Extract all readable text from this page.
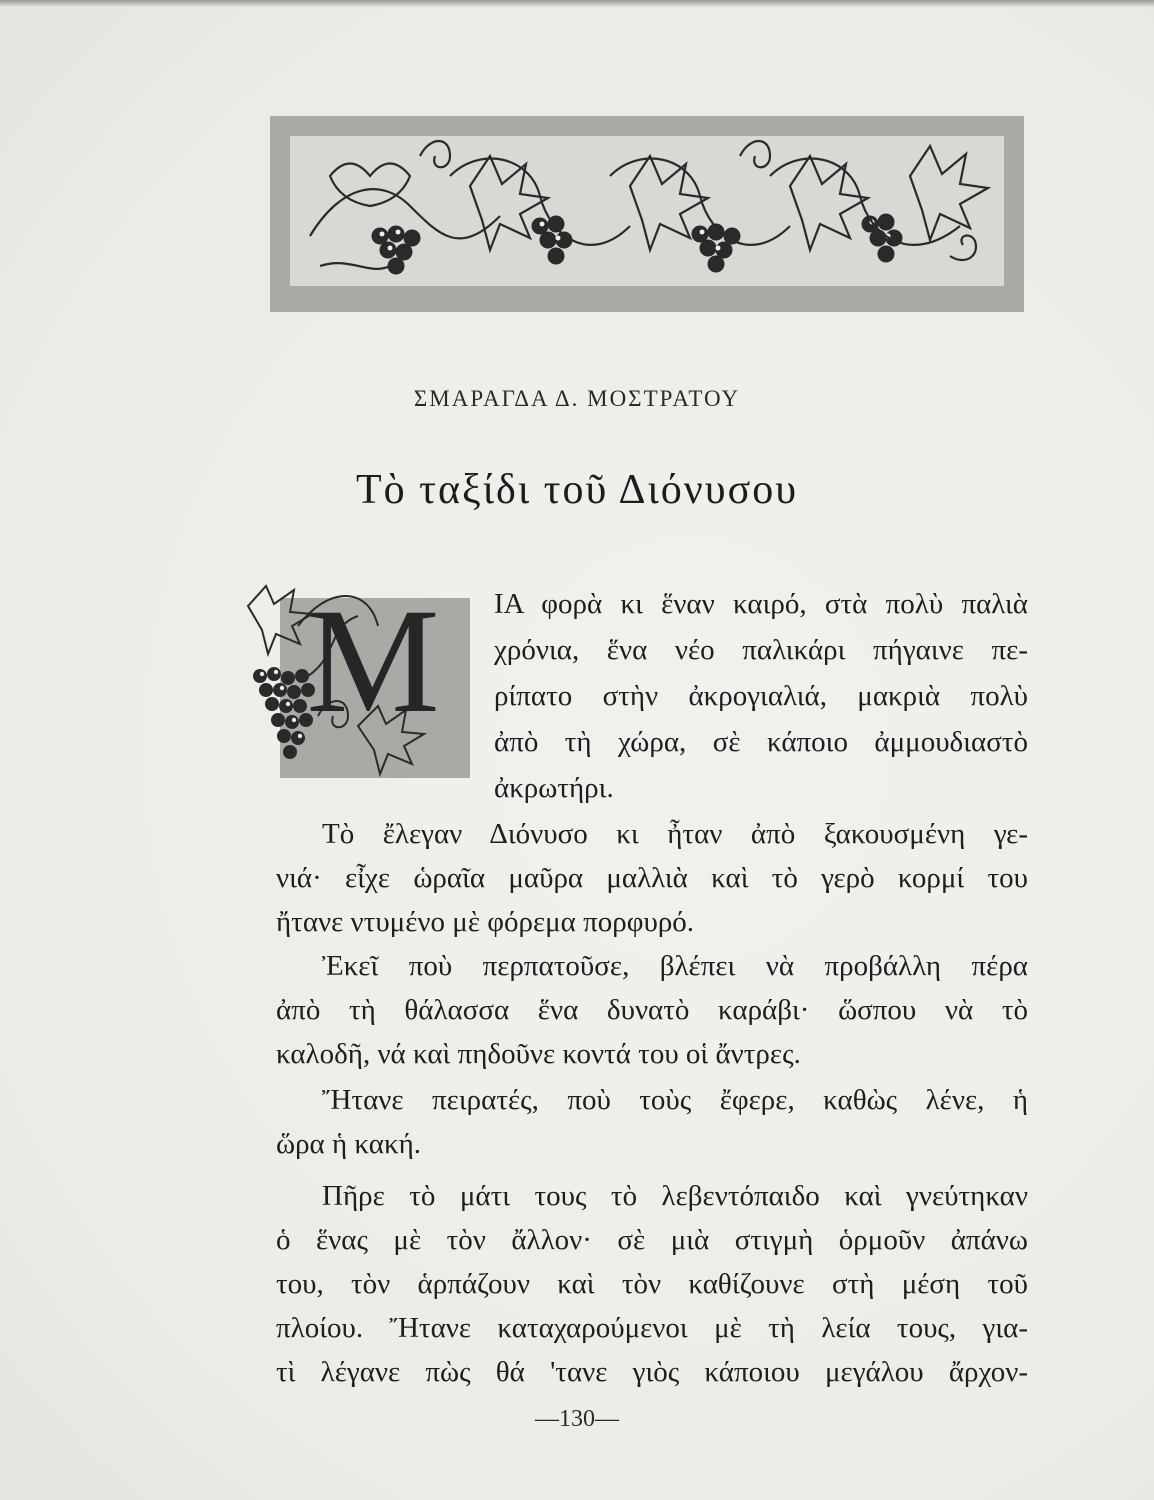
ΣΜΑΡΑΓΔΑ Δ. ΜΟΣΤΡΑΤΟΥ
Τὸ ταξίδι τοῦ Διόνυσου
Μ ΙΑ φορὰ κι ἕναν καιρό, στὰ πολὺ παλιὰ
χρόνια, ἕνα νέο παλικάρι πήγαινε πε-
ρίπατο στὴν ἀκρογιαλιά, μακριὰ πολὺ
ἀπὸ τὴ χώρα, σὲ κάποιο ἀμμουδιαστὸ
ἀκρωτήρι.
Τὸ ἔλεγαν Διόνυσο κι ἦταν ἀπὸ ξακουσμένη γε-
νιά· εἶχε ὡραῖα μαῦρα μαλλιὰ καὶ τὸ γερὸ κορμί του
ἤτανε ντυμένο μὲ φόρεμα πορφυρό.
Ἐκεῖ ποὺ περπατοῦσε, βλέπει νὰ προβάλλη πέρα
ἀπὸ τὴ θάλασσα ἕνα δυνατὸ καράβι· ὥσπου νὰ τὸ
καλοδῆ, νά καὶ πηδοῦνε κοντά του οἱ ἄντρες.
Ἤτανε πειρατές, ποὺ τοὺς ἔφερε, καθὼς λένε, ἡ
ὥρα ἡ κακή.
Πῆρε τὸ μάτι τους τὸ λεβεντόπαιδο καὶ γνεύτηκαν
ὁ ἕνας μὲ τὸν ἄλλον· σὲ μιὰ στιγμὴ ὁρμοῦν ἀπάνω
του, τὸν ἁρπάζουν καὶ τὸν καθίζουνε στὴ μέση τοῦ
πλοίου. Ἤτανε καταχαρούμενοι μὲ τὴ λεία τους, για-
τὶ λέγανε πὼς θά 'τανε γιὸς κάποιου μεγάλου ἄρχον-
—130—
